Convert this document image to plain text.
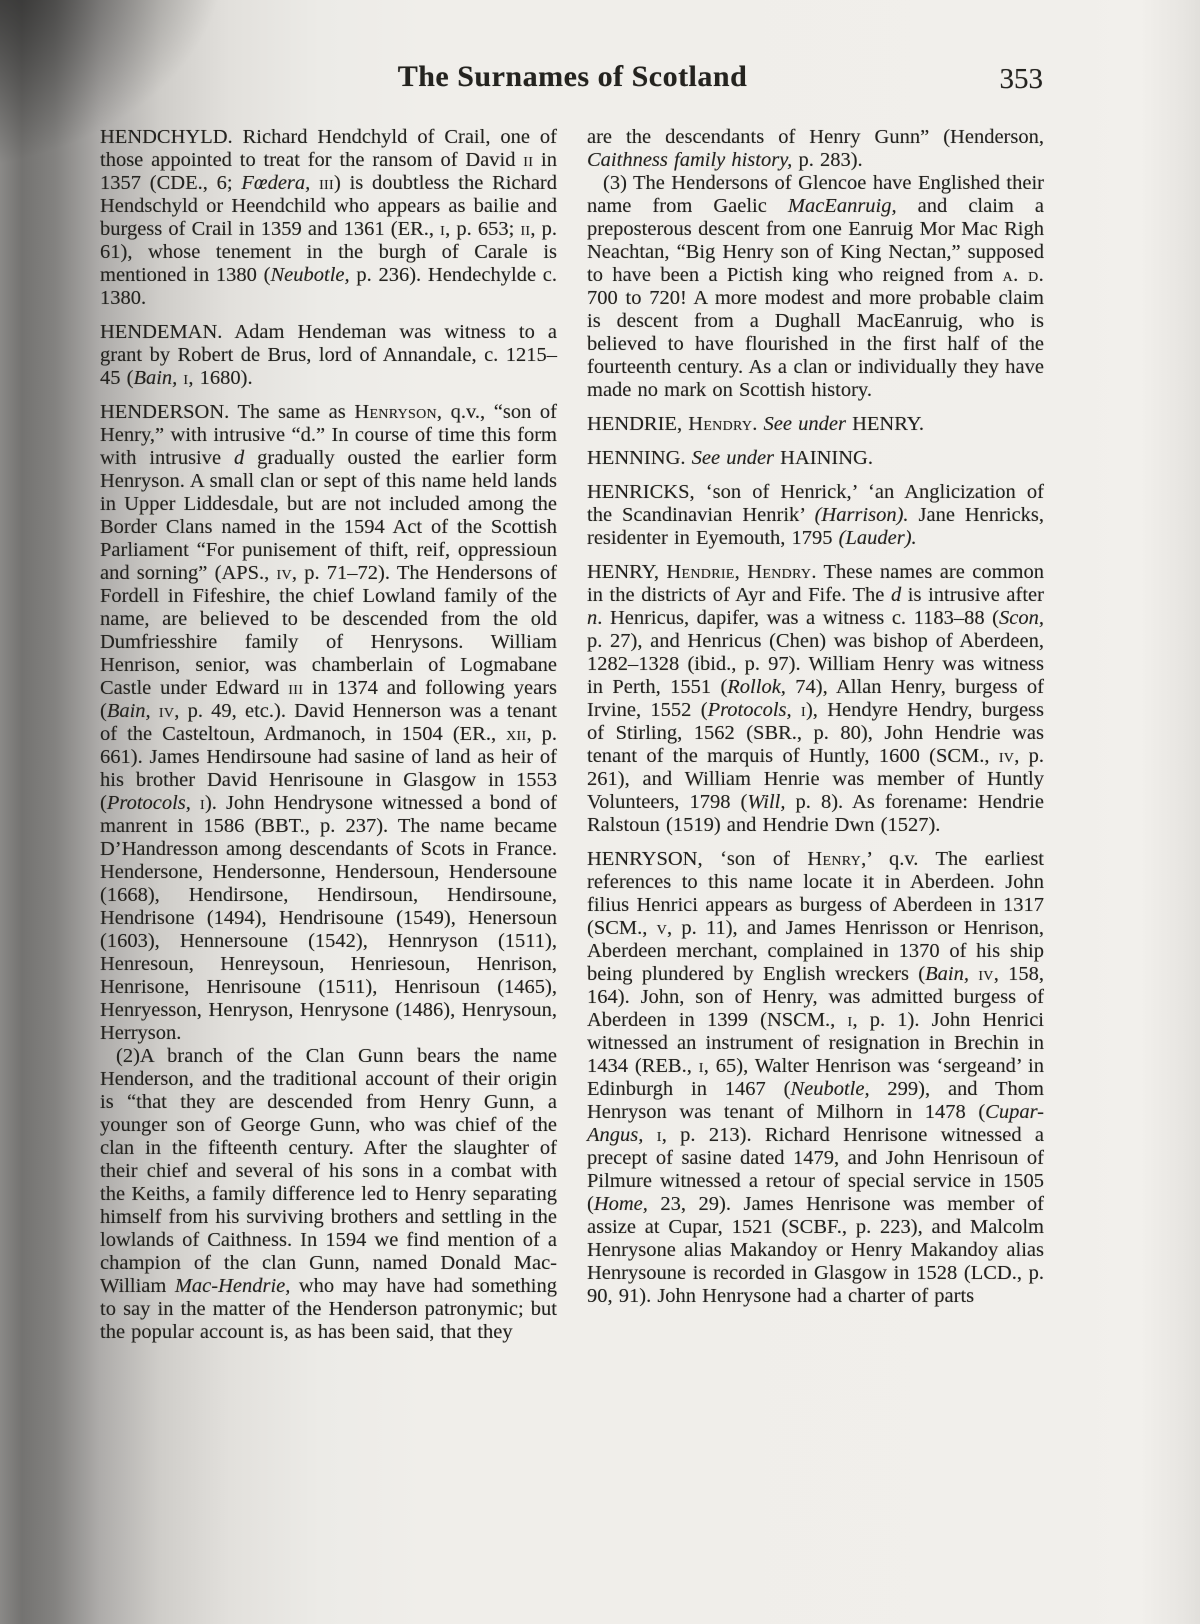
The Surnames of Scotland	353

HENDCHYLD. Richard Hendchyld of Crail, one of those appointed to treat for the ransom of David ii in 1357 (CDE., 6; Fœdera, iii) is doubtless the Richard Hendschyld or Heendchild who appears as bailie and burgess of Crail in 1359 and 1361 (ER., i, p. 653; ii, p. 61), whose tenement in the burgh of Carale is mentioned in 1380 (Neubotle, p. 236). Hendechylde c. 1380.

HENDEMAN. Adam Hendeman was witness to a grant by Robert de Brus, lord of Annandale, c. 1215–45 (Bain, i, 1680).

HENDERSON. The same as Henryson, q.v., “son of Henry,” with intrusive “d.” In course of time this form with intrusive d gradually ousted the earlier form Henryson. A small clan or sept of this name held lands in Upper Liddesdale, but are not included among the Border Clans named in the 1594 Act of the Scottish Parliament “For punisement of thift, reif, oppressioun and sorning” (APS., iv, p. 71–72). The Hendersons of Fordell in Fifeshire, the chief Lowland family of the name, are believed to be descended from the old Dumfriesshire family of Henrysons. William Henrison, senior, was chamberlain of Logmabane Castle under Edward iii in 1374 and following years (Bain, iv, p. 49, etc.). David Hennerson was a tenant of the Casteltoun, Ardmanoch, in 1504 (ER., xii, p. 661). James Hendirsoune had sasine of land as heir of his brother David Henrisoune in Glasgow in 1553 (Protocols, i). John Hendrysone witnessed a bond of manrent in 1586 (BBT., p. 237). The name became D’Handresson among descendants of Scots in France. Hendersone, Hendersonne, Hendersoun, Hendersoune (1668), Hendirsone, Hendirsoun, Hendirsoune, Hendrisone (1494), Hendrisoune (1549), Henersoun (1603), Hennersoune (1542), Hennryson (1511), Henresoun, Henreysoun, Henriesoun, Henrison, Henrisone, Henrisoune (1511), Henrisoun (1465), Henryesson, Henryson, Henrysone (1486), Henrysoun, Herryson.

(2)A branch of the Clan Gunn bears the name Henderson, and the traditional account of their origin is “that they are descended from Henry Gunn, a younger son of George Gunn, who was chief of the clan in the fifteenth century. After the slaughter of their chief and several of his sons in a combat with the Keiths, a family difference led to Henry separating himself from his surviving brothers and settling in the lowlands of Caithness. In 1594 we find mention of a champion of the clan Gunn, named Donald Mac-William Mac-Hendrie, who may have had something to say in the matter of the Henderson patronymic; but the popular account is, as has been said, that they

are the descendants of Henry Gunn” (Henderson, Caithness family history, p. 283).

(3) The Hendersons of Glencoe have Englished their name from Gaelic MacEanruig, and claim a preposterous descent from one Eanruig Mor Mac Righ Neachtan, “Big Henry son of King Nectan,” supposed to have been a Pictish king who reigned from a. d. 700 to 720! A more modest and more probable claim is descent from a Dughall MacEanruig, who is believed to have flourished in the first half of the fourteenth century. As a clan or individually they have made no mark on Scottish history.

HENDRIE, Hendry. See under HENRY.

HENNING. See under HAINING.

HENRICKS, ‘son of Henrick,’ ‘an Anglicization of the Scandinavian Henrik’ (Harrison). Jane Henricks, residenter in Eyemouth, 1795 (Lauder).

HENRY, Hendrie, Hendry. These names are common in the districts of Ayr and Fife. The d is intrusive after n. Henricus, dapifer, was a witness c. 1183–88 (Scon, p. 27), and Henricus (Chen) was bishop of Aberdeen, 1282–1328 (ibid., p. 97). William Henry was witness in Perth, 1551 (Rollok, 74), Allan Henry, burgess of Irvine, 1552 (Protocols, i), Hendyre Hendry, burgess of Stirling, 1562 (SBR., p. 80), John Hendrie was tenant of the marquis of Huntly, 1600 (SCM., iv, p. 261), and William Henrie was member of Huntly Volunteers, 1798 (Will, p. 8). As forename: Hendrie Ralstoun (1519) and Hendrie Dwn (1527).

HENRYSON, ‘son of Henry,’ q.v. The earliest references to this name locate it in Aberdeen. John filius Henrici appears as burgess of Aberdeen in 1317 (SCM., v, p. 11), and James Henrisson or Henrison, Aberdeen merchant, complained in 1370 of his ship being plundered by English wreckers (Bain, iv, 158, 164). John, son of Henry, was admitted burgess of Aberdeen in 1399 (NSCM., i, p. 1). John Henrici witnessed an instrument of resignation in Brechin in 1434 (REB., i, 65), Walter Henrison was ‘sergeand’ in Edinburgh in 1467 (Neubotle, 299), and Thom Henryson was tenant of Milhorn in 1478 (Cupar-Angus, i, p. 213). Richard Henrisone witnessed a precept of sasine dated 1479, and John Henrisoun of Pilmure witnessed a retour of special service in 1505 (Home, 23, 29). James Henrisone was member of assize at Cupar, 1521 (SCBF., p. 223), and Malcolm Henrysone alias Makandoy or Henry Makandoy alias Henrysoune is recorded in Glasgow in 1528 (LCD., p. 90, 91). John Henrysone had a charter of parts
